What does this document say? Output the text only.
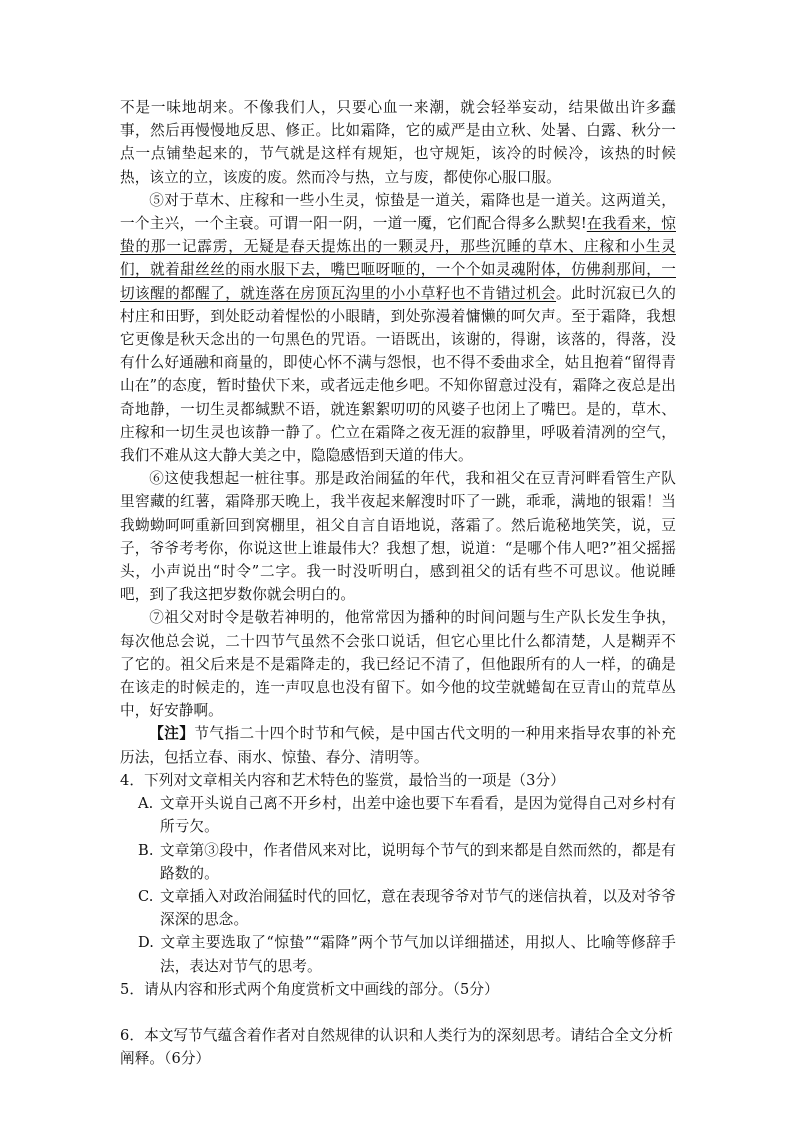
不是一味地胡来。不像我们人，只要心血一来潮，就会轻举妄动，结果做出许多蠢事，然后再慢慢地反思、修正。比如霜降，它的威严是由立秋、处暑、白露、秋分一点一点铺垫起来的，节气就是这样有规矩，也守规矩，该冷的时候冷，该热的时候热，该立的立，该废的废。然而冷与热，立与废，都使你心服口服。

⑤对于草木、庄稼和一些小生灵，惊蛰是一道关，霜降也是一道关。这两道关，一个主兴，一个主衰。可谓一阳一阴，一道一魇，它们配合得多么默契!在我看来，惊蛰的那一记霹雳，无疑是春天提炼出的一颗灵丹，那些沉睡的草木、庄稼和小生灵们，就着甜丝丝的雨水服下去，嘴巴咂呀咂的，一个个如灵魂附体，仿佛刹那间，一切该醒的都醒了，就连落在房顶瓦沟里的小小草籽也不肯错过机会。此时沉寂已久的村庄和田野，到处眨动着惺忪的小眼睛，到处弥漫着慵懒的呵欠声。至于霜降，我想它更像是秋天念出的一句黑色的咒语。一语既出，该谢的，得谢，该落的，得落，没有什么好通融和商量的，即使心怀不满与怨恨，也不得不委曲求全，姑且抱着“留得青山在”的态度，暂时蛰伏下来，或者远走他乡吧。不知你留意过没有，霜降之夜总是出奇地静，一切生灵都缄默不语，就连絮絮叨叨的风婆子也闭上了嘴巴。是的，草木、庄稼和一切生灵也该静一静了。伫立在霜降之夜无涯的寂静里，呼吸着清冽的空气，我们不难从这大静大美之中，隐隐感悟到天道的伟大。

⑥这使我想起一桩往事。那是政治闹猛的年代，我和祖父在豆青河畔看管生产队里窖藏的红薯，霜降那天晚上，我半夜起来解溲时吓了一跳，乖乖，满地的银霜！当我蚴蚴呵呵重新回到窝棚里，祖父自言自语地说，落霜了。然后诡秘地笑笑，说，豆子，爷爷考考你，你说这世上谁最伟大？我想了想，说道：“是哪个伟人吧?”祖父摇摇头，小声说出“时令”二字。我一时没听明白，感到祖父的话有些不可思议。他说睡吧，到了我这把岁数你就会明白的。

⑦祖父对时令是敬若神明的，他常常因为播种的时间问题与生产队长发生争执，每次他总会说，二十四节气虽然不会张口说话，但它心里比什么都清楚，人是糊弄不了它的。祖父后来是不是霜降走的，我已经记不清了，但他跟所有的人一样，的确是在该走的时候走的，连一声叹息也没有留下。如今他的坟茔就蜷匐在豆青山的荒草丛中，好安静啊。

【注】节气指二十四个时节和气候，是中国古代文明的一种用来指导农事的补充历法，包括立春、雨水、惊蛰、春分、清明等。

4．下列对文章相关内容和艺术特色的鉴赏，最恰当的一项是（3分）

A. 文章开头说自己离不开乡村，出差中途也要下车看看，是因为觉得自己对乡村有所亏欠。

B. 文章第③段中，作者借风来对比，说明每个节气的到来都是自然而然的，都是有路数的。

C. 文章插入对政治闹猛时代的回忆，意在表现爷爷对节气的迷信执着，以及对爷爷深深的思念。

D. 文章主要选取了“惊蛰”“霜降”两个节气加以详细描述，用拟人、比喻等修辞手法，表达对节气的思考。

5．请从内容和形式两个角度赏析文中画线的部分。（5分）

6．本文写节气蕴含着作者对自然规律的认识和人类行为的深刻思考。请结合全文分析阐释。（6分）
